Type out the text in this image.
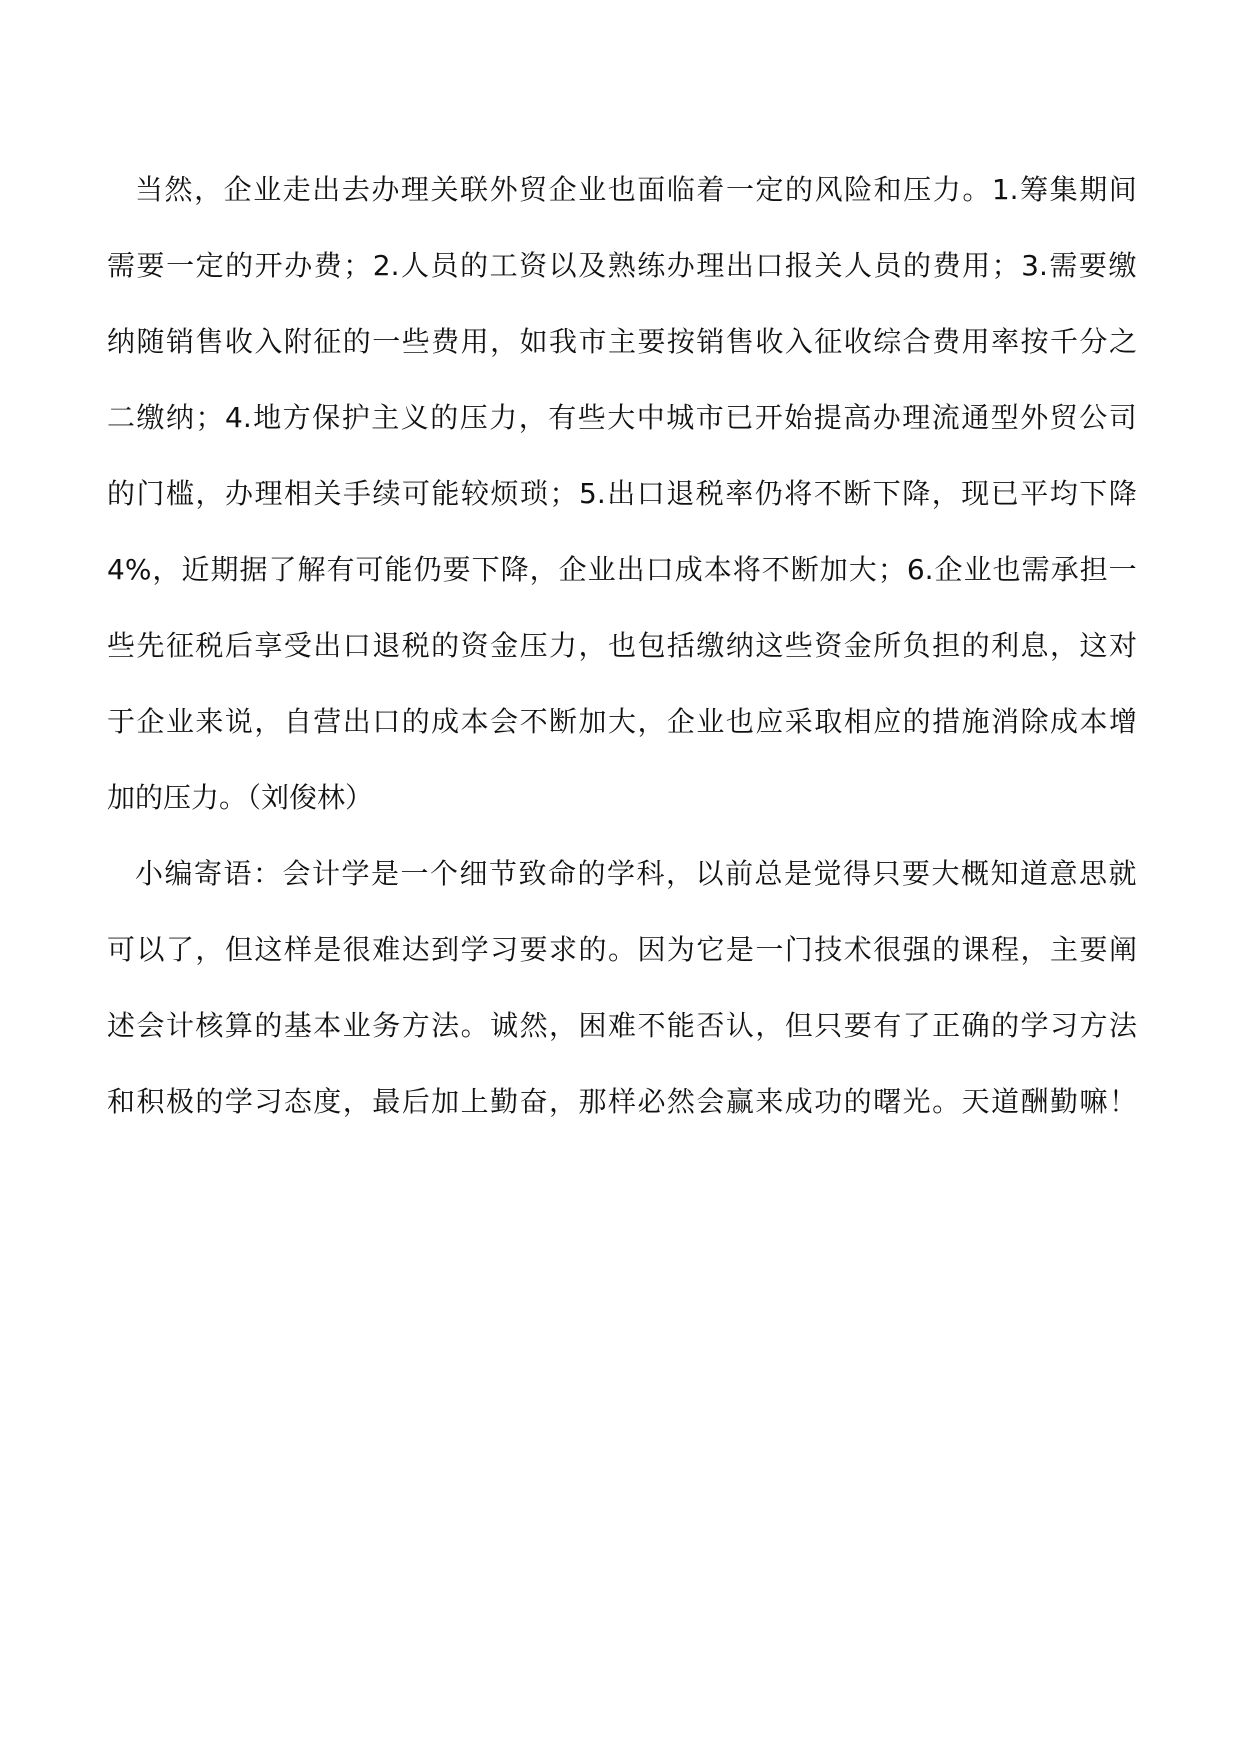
当 然 ， 企 业 走 出 去 办 理 关 联 外 贸 企 业 也 面 临 着 一 定 的 风 险 和 压 力 。 1. 筹 集 期 间
需 要 一 定 的 开 办 费 ； 2. 人 员 的 工 资 以 及 熟 练 办 理 出 口 报 关 人 员 的 费 用 ； 3. 需 要 缴
纳 随 销 售 收 入 附 征 的 一 些 费 用 ， 如 我 市 主 要 按 销 售 收 入 征 收 综 合 费 用 率 按 千 分 之
二 缴 纳 ； 4. 地 方 保 护 主 义 的 压 力 ， 有 些 大 中 城 市 已 开 始 提 高 办 理 流 通 型 外 贸 公 司
的 门 槛 ， 办 理 相 关 手 续 可 能 较 烦 琐 ； 5. 出 口 退 税 率 仍 将 不 断 下 降 ， 现 已 平 均 下 降
4% ， 近 期 据 了 解 有 可 能 仍 要 下 降 ， 企 业 出 口 成 本 将 不 断 加 大 ； 6. 企 业 也 需 承 担 一
些 先 征 税 后 享 受 出 口 退 税 的 资 金 压 力 ， 也 包 括 缴 纳 这 些 资 金 所 负 担 的 利 息 ， 这 对
于 企 业 来 说 ， 自 营 出 口 的 成 本 会 不 断 加 大 ， 企 业 也 应 采 取 相 应 的 措 施 消 除 成 本 增
加的压力。（刘俊林）
小 编 寄 语 ： 会 计 学 是 一 个 细 节 致 命 的 学 科 ， 以 前 总 是 觉 得 只 要 大 概 知 道 意 思 就
可 以 了 ， 但 这 样 是 很 难 达 到 学 习 要 求 的 。 因 为 它 是 一 门 技 术 很 强 的 课 程 ， 主 要 阐
述 会 计 核 算 的 基 本 业 务 方 法 。 诚 然 ， 困 难 不 能 否 认 ， 但 只 要 有 了 正 确 的 学 习 方 法
和 积 极 的 学 习 态 度 ， 最 后 加 上 勤 奋 ， 那 样 必 然 会 赢 来 成 功 的 曙 光 。 天 道 酬 勤 嘛 ！
